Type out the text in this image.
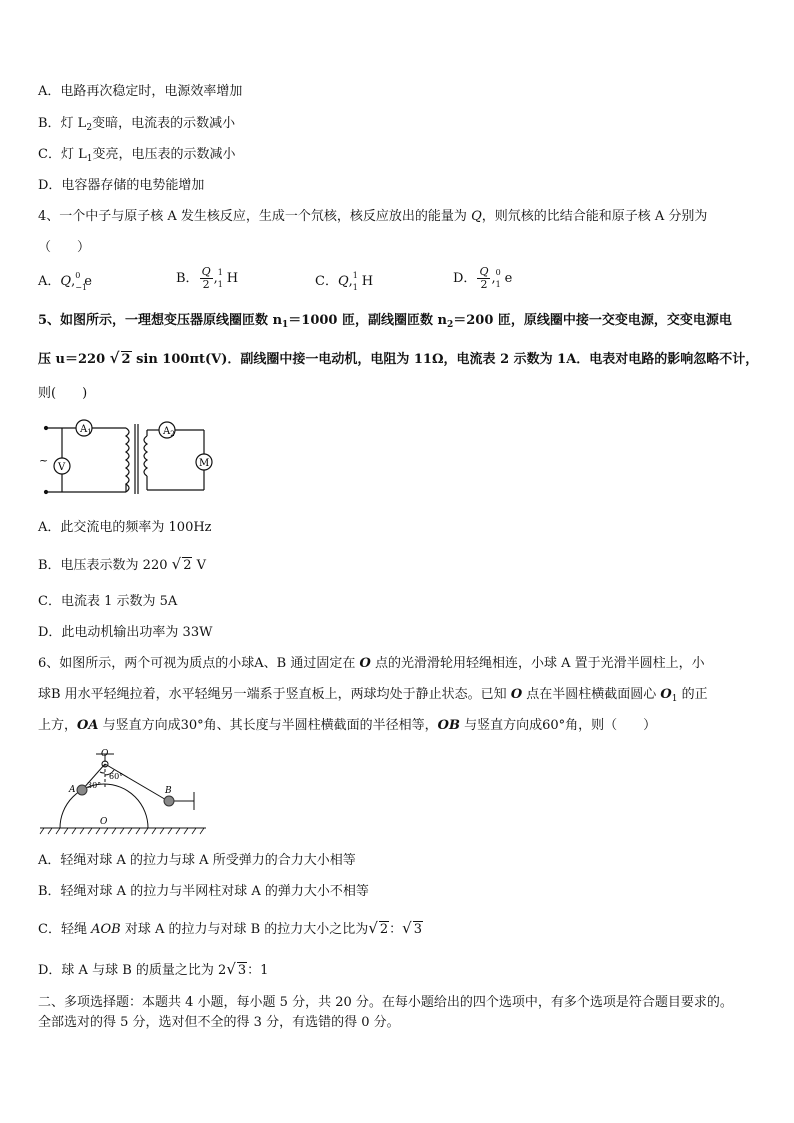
A．电路再次稳定时，电源效率增加
B．灯 $L_2$变暗，电流表的示数减小
C．灯 $L_1$变亮，电压表的示数减小
D．电容器存储的电势能增加
4、一个中子与原子核 A 发生核反应，生成一个氘核，核反应放出的能量为 Q，则氘核的比结合能和原子核 A 分别为
（　　）
A．Q, 0
−1
e	B． $\frac{Q}{2}$ , 1
1 H	C．Q, 1
1 H	D． $\frac{Q}{2}$ , 0
1 e
5、如图所示，一理想变压器原线圈匝数 $n_1=1000$ 匝，副线圈匝数 $n_2=200$ 匝，原线圈中接一交变电源，交变电源电
压 u＝220 √ 2 sin 100πt(V)．副线圈中接一电动机，电阻为 11Ω，电流表 2 示数为 1A．电表对电路的影响忽略不计，
则(　　)
$A_1$	$A_2$
V	M
~
A．此交流电的频率为 100Hz
B．电压表示数为 220 √ 2 V
C．电流表 1 示数为 5A
D．此电动机输出功率为 33W
6、如图所示，两个可视为质点的小球A、B 通过固定在 O 点的光滑滑轮用轻绳相连，小球 A 置于光滑半圆柱上，小
球B 用水平轻绳拉着，水平轻绳另一端系于竖直板上，两球均处于静止状态。已知 O 点在半圆柱横截面圆心 $O_1$ 的正
上方，OA 与竖直方向成30°角、其长度与半圆柱横截面的半径相等，OB 与竖直方向成60°角，则（　　）
O
A	B
O
30°
60°
A．轻绳对球 A 的拉力与球 A 所受弹力的合力大小相等
B．轻绳对球 A 的拉力与半网柱对球 A 的弹力大小不相等
C．轻绳 AOB 对球 A 的拉力与对球 B 的拉力大小之比为√ 2：√ 3
D．球 A 与球 B 的质量之比为 2√ 3：1
二、多项选择题：本题共 4 小题，每小题 5 分，共 20 分。在每小题给出的四个选项中，有多个选项是符合题目要求的。
全部选对的得 5 分，选对但不全的得 3 分，有选错的得 0 分。
